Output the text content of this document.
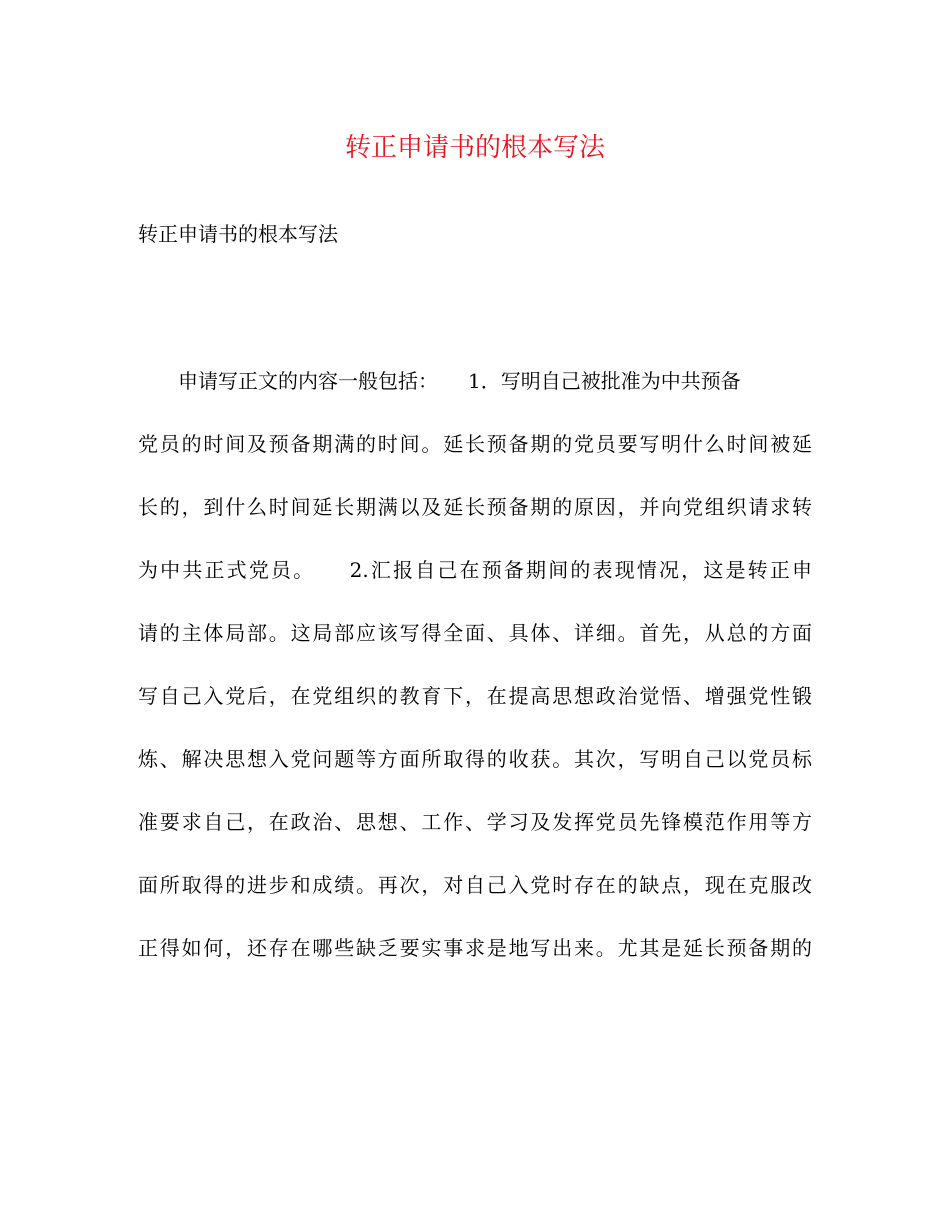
转正申请书的根本写法

转正申请书的根本写法

　　申请写正文的内容一般包括：　　1．写明自己被批准为中共预备

党员的时间及预备期满的时间。延长预备期的党员要写明什么时间被延

长的，到什么时间延长期满以及延长预备期的原因，并向党组织请求转

为中共正式党员。　　2.汇报自己在预备期间的表现情况，这是转正申

请的主体局部。这局部应该写得全面、具体、详细。首先，从总的方面

写自己入党后，在党组织的教育下，在提高思想政治觉悟、增强党性锻

炼、解决思想入党问题等方面所取得的收获。其次，写明自己以党员标

准要求自己，在政治、思想、工作、学习及发挥党员先锋模范作用等方

面所取得的进步和成绩。再次，对自己入党时存在的缺点，现在克服改

正得如何，还存在哪些缺乏要实事求是地写出来。尤其是延长预备期的
